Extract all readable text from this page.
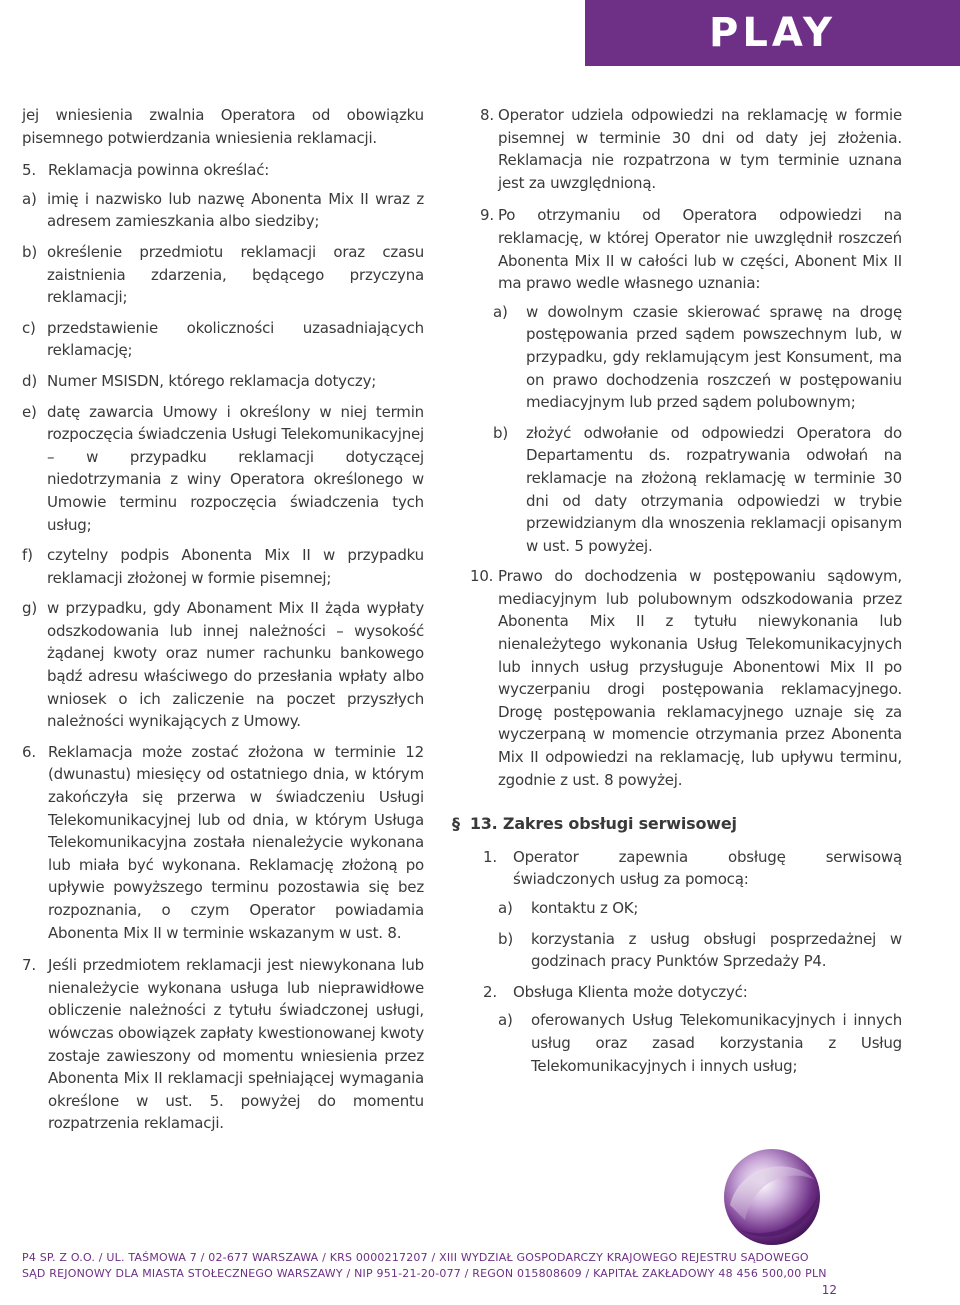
PLAY

jej wniesienia zwalnia Operatora od obowiązku pisemnego potwierdzania wniesienia reklamacji.

5. Reklamacja powinna określać:
a) imię i nazwisko lub nazwę Abonenta Mix II wraz z adresem zamieszkania albo siedziby;
b) określenie przedmiotu reklamacji oraz czasu zaistnienia zdarzenia, będącego przyczyna reklamacji;
c) przedstawienie okoliczności uzasadniających reklamację;
d) Numer MSISDN, którego reklamacja dotyczy;
e) datę zawarcia Umowy i określony w niej termin rozpoczęcia świadczenia Usługi Telekomunikacyjnej – w przypadku reklamacji dotyczącej niedotrzymania z winy Operatora określonego w Umowie terminu rozpoczęcia świadczenia tych usług;
f) czytelny podpis Abonenta Mix II w przypadku reklamacji złożonej w formie pisemnej;
g) w przypadku, gdy Abonament Mix II żąda wypłaty odszkodowania lub innej należności – wysokość żądanej kwoty oraz numer rachunku bankowego bądź adresu właściwego do przesłania wpłaty albo wniosek o ich zaliczenie na poczet przyszłych należności wynikających z Umowy.
6. Reklamacja może zostać złożona w terminie 12 (dwunastu) miesięcy od ostatniego dnia, w którym zakończyła się przerwa w świadczeniu Usługi Telekomunikacyjnej lub od dnia, w którym Usługa Telekomunikacyjna została nienależycie wykonana lub miała być wykonana. Reklamację złożoną po upływie powyższego terminu pozostawia się bez rozpoznania, o czym Operator powiadamia Abonenta Mix II w terminie wskazanym w ust. 8.
7. Jeśli przedmiotem reklamacji jest niewykonana lub nienależycie wykonana usługa lub nieprawidłowe obliczenie należności z tytułu świadczonej usługi, wówczas obowiązek zapłaty kwestionowanej kwoty zostaje zawieszony od momentu wniesienia przez Abonenta Mix II reklamacji spełniającej wymagania określone w ust. 5. powyżej do momentu rozpatrzenia reklamacji.
8. Operator udziela odpowiedzi na reklamację w formie pisemnej w terminie 30 dni od daty jej złożenia. Reklamacja nie rozpatrzona w tym terminie uznana jest za uwzględnioną.
9. Po otrzymaniu od Operatora odpowiedzi na reklamację, w której Operator nie uwzględnił roszczeń Abonenta Mix II w całości lub w części, Abonent Mix II ma prawo wedle własnego uznania:
a)	w dowolnym czasie skierować sprawę na drogę postępowania przed sądem powszechnym lub, w przypadku, gdy reklamującym jest Konsument, ma on prawo dochodzenia roszczeń w postępowaniu mediacyjnym lub przed sądem polubownym;
b)	złożyć odwołanie od odpowiedzi Operatora do Departamentu ds. rozpatrywania odwołań na reklamacje na złożoną reklamację w terminie 30 dni od daty otrzymania odpowiedzi w trybie przewidzianym dla wnoszenia reklamacji opisanym w ust. 5 powyżej.
10. Prawo do dochodzenia w postępowaniu sądowym, mediacyjnym lub polubownym odszkodowania przez Abonenta Mix II z tytułu niewykonania lub nienależytego wykonania Usług Telekomunikacyjnych lub innych usług przysługuje Abonentowi Mix II po wyczerpaniu drogi postępowania reklamacyjnego. Drogę postępowania reklamacyjnego uznaje się za wyczerpaną w momencie otrzymania przez Abonenta Mix II odpowiedzi na reklamację, lub upływu terminu, zgodnie z ust. 8 powyżej.
§ 13. Zakres obsługi serwisowej
1.	Operator zapewnia obsługę serwisową świadczonych usług za pomocą:
a)	kontaktu z OK;
b)	korzystania z usług obsługi posprzedażnej w godzinach pracy Punktów Sprzedaży P4.
2.	Obsługa Klienta może dotyczyć:
a)	oferowanych Usług Telekomunikacyjnych i innych usług oraz zasad korzystania z Usług Telekomunikacyjnych i innych usług;
P4 SP. Z O.O. / UL. TAŚMOWA 7 / 02-677 WARSZAWA / KRS 0000217207 / XIII WYDZIAŁ GOSPODARCZY KRAJOWEGO REJESTRU SĄDOWEGO
SĄD REJONOWY DLA MIASTA STOŁECZNEGO WARSZAWY / NIP 951-21-20-077 / REGON 015808609 / KAPITAŁ ZAKŁADOWY 48 456 500,00 PLN
12
